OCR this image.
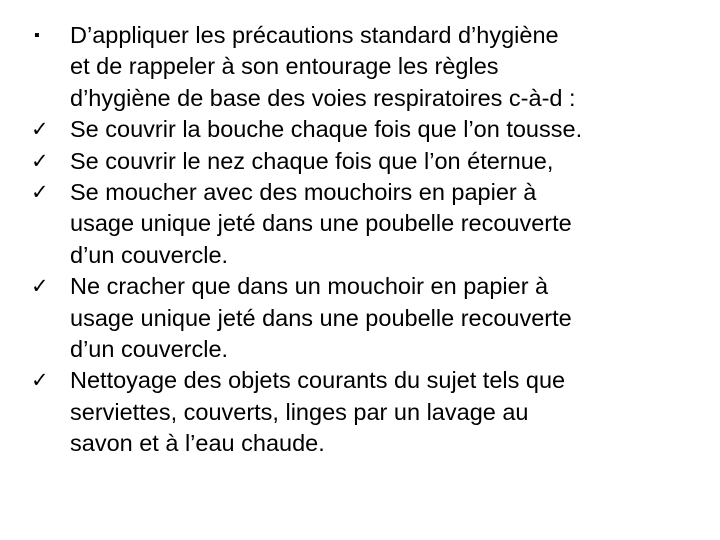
▪	D’appliquer les précautions standard d’hygiène
et de rappeler à son entourage les règles
d’hygiène de base des voies respiratoires c-à-d :
✓ Se couvrir la bouche chaque fois que l’on tousse.
✓ Se couvrir le nez chaque fois que l’on éternue,
✓ Se moucher avec des mouchoirs en papier à
usage unique jeté dans une poubelle recouverte
d’un couvercle.
✓ Ne cracher que dans un mouchoir en papier à
usage unique jeté dans une poubelle recouverte
d’un couvercle.
✓ Nettoyage des objets courants du sujet tels que
serviettes, couverts, linges par un lavage au
savon et à l’eau chaude.
